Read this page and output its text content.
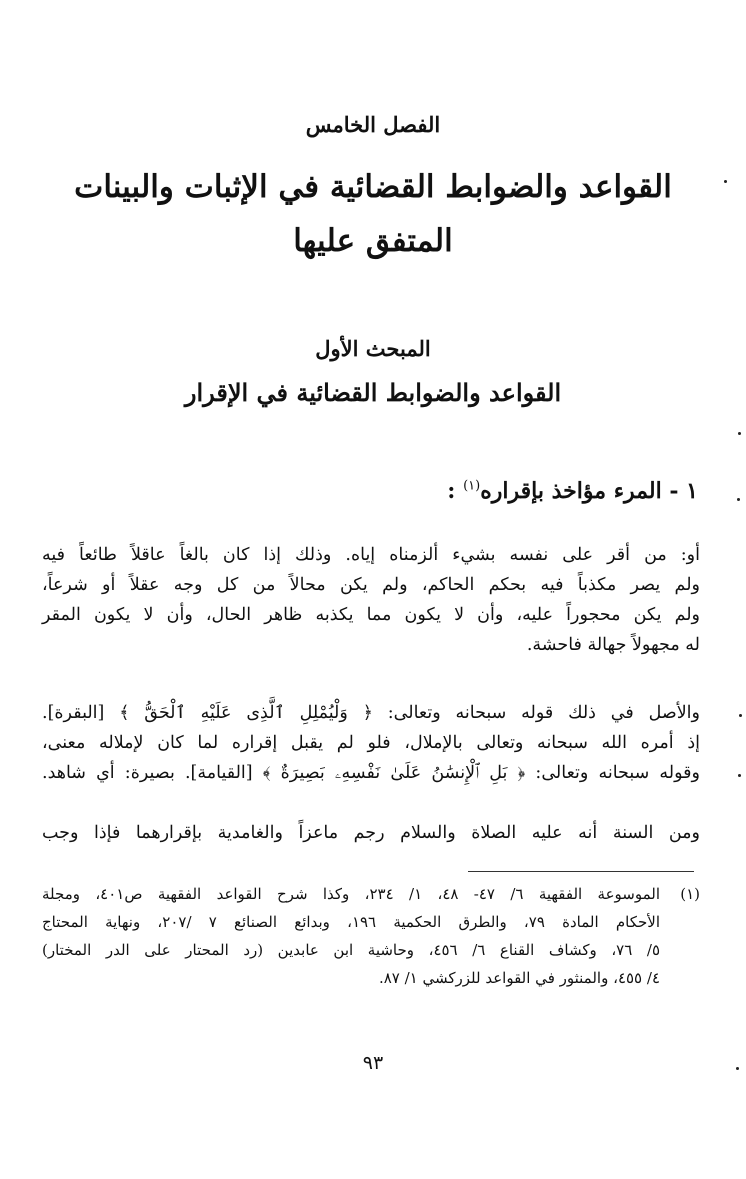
الفصل الخامس
القواعد والضوابط القضائية في الإثبات والبينات
المتفق عليها
المبحث الأول
القواعد والضوابط القضائية في الإقرار
١ - المرء مؤاخذ بإقراره$^{(١)}$ :
أو: من أقر على نفسه بشيء ألزمناه إياه. وذلك إذا كان بالغاً عاقلاً طائعاً فيه
ولم يصر مكذباً فيه بحكم الحاكم، ولم يكن محالاً من كل وجه عقلاً أو شرعاً،
ولم يكن محجوراً عليه، وأن لا يكون مما يكذبه ظاهر الحال، وأن لا يكون المقر
له مجهولاً جهالة فاحشة.
والأصل في ذلك قوله سبحانه وتعالى: ﴿ وَلْيُمْلِلِ ٱلَّذِى عَلَيْهِ ٱلْحَقُّ ﴾ [البقرة].
إذ أمره الله سبحانه وتعالى بالإملال، فلو لم يقبل إقراره لما كان لإملاله معنى،
وقوله سبحانه وتعالى: ﴿ بَلِ ٱلْإِنسَٰنُ عَلَىٰ نَفْسِهِۦ بَصِيرَةٌ ﴾ [القيامة]. بصيرة: أي شاهد.
ومن السنة أنه عليه الصلاة والسلام رجم ماعزاً والغامدية بإقرارهما فإذا وجب
(١)
الموسوعة الفقهية ٦/ ٤٧- ٤٨، ١/ ٢٣٤، وكذا شرح القواعد الفقهية ص٤٠١، ومجلة
الأحكام المادة ٧٩، والطرق الحكمية ١٩٦، وبدائع الصنائع ٧ /٢٠٧، ونهاية المحتاج
٥/ ٧٦، وكشاف القناع ٦/ ٤٥٦، وحاشية ابن عابدين (رد المحتار على الدر المختار)
٤/ ٤٥٥، والمنثور في القواعد للزركشي ١/ ٨٧.
٩٣
